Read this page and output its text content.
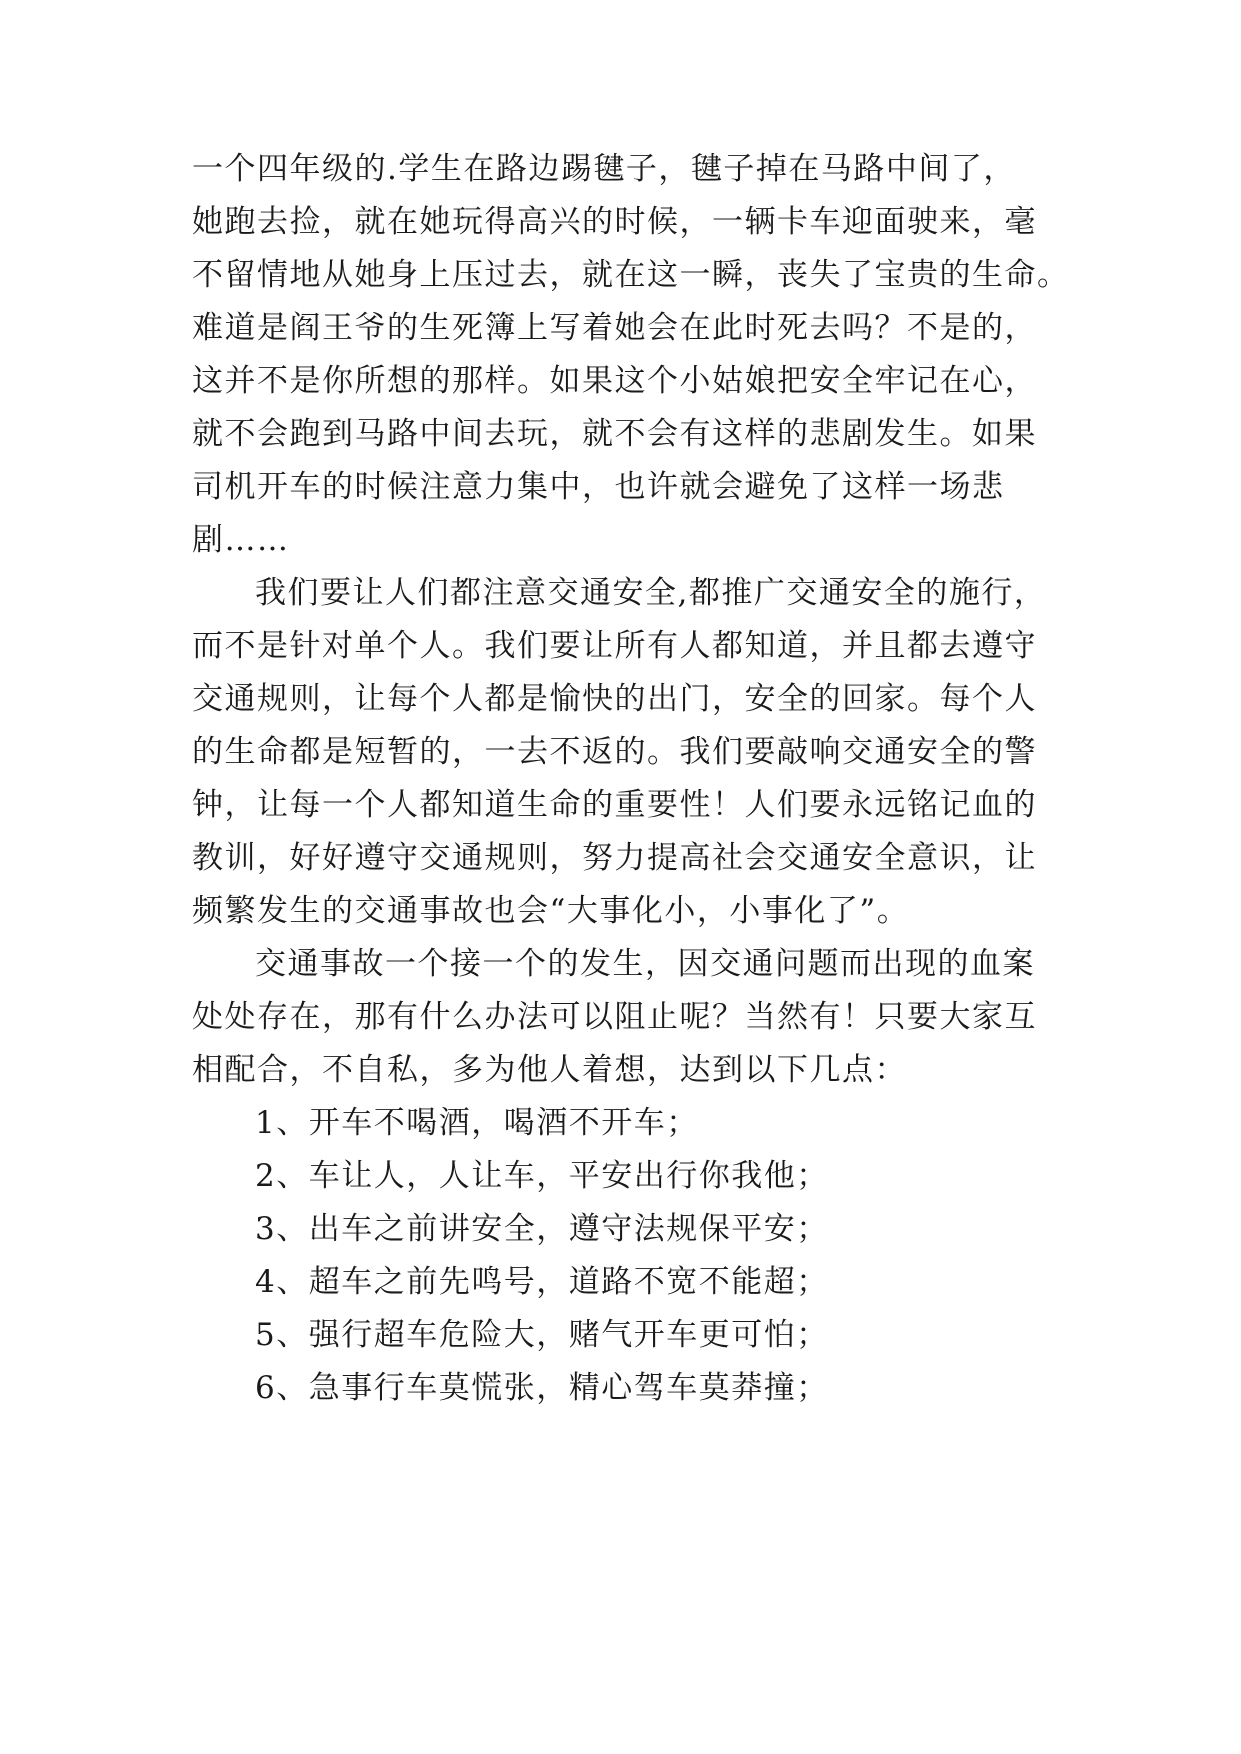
一个四年级的.学生在路边踢毽子，毽子掉在马路中间了，
她跑去捡，就在她玩得高兴的时候，一辆卡车迎面驶来，毫
不留情地从她身上压过去，就在这一瞬，丧失了宝贵的生命。
难道是阎王爷的生死簿上写着她会在此时死去吗？不是的，
这并不是你所想的那样。如果这个小姑娘把安全牢记在心，
就不会跑到马路中间去玩，就不会有这样的悲剧发生。如果
司机开车的时候注意力集中，也许就会避免了这样一场悲
剧……
我们要让人们都注意交通安全,都推广交通安全的施行，
而不是针对单个人。我们要让所有人都知道，并且都去遵守
交通规则，让每个人都是愉快的出门，安全的回家。每个人
的生命都是短暂的，一去不返的。我们要敲响交通安全的警
钟，让每一个人都知道生命的重要性！人们要永远铭记血的
教训，好好遵守交通规则，努力提高社会交通安全意识，让
频繁发生的交通事故也会“大事化小，小事化了”。
交通事故一个接一个的发生，因交通问题而出现的血案
处处存在，那有什么办法可以阻止呢？当然有！只要大家互
相配合，不自私，多为他人着想，达到以下几点：
1、开车不喝酒，喝酒不开车；
2、车让人，人让车，平安出行你我他；
3、出车之前讲安全，遵守法规保平安；
4、超车之前先鸣号，道路不宽不能超；
5、强行超车危险大，赌气开车更可怕；
6、急事行车莫慌张，精心驾车莫莽撞；
